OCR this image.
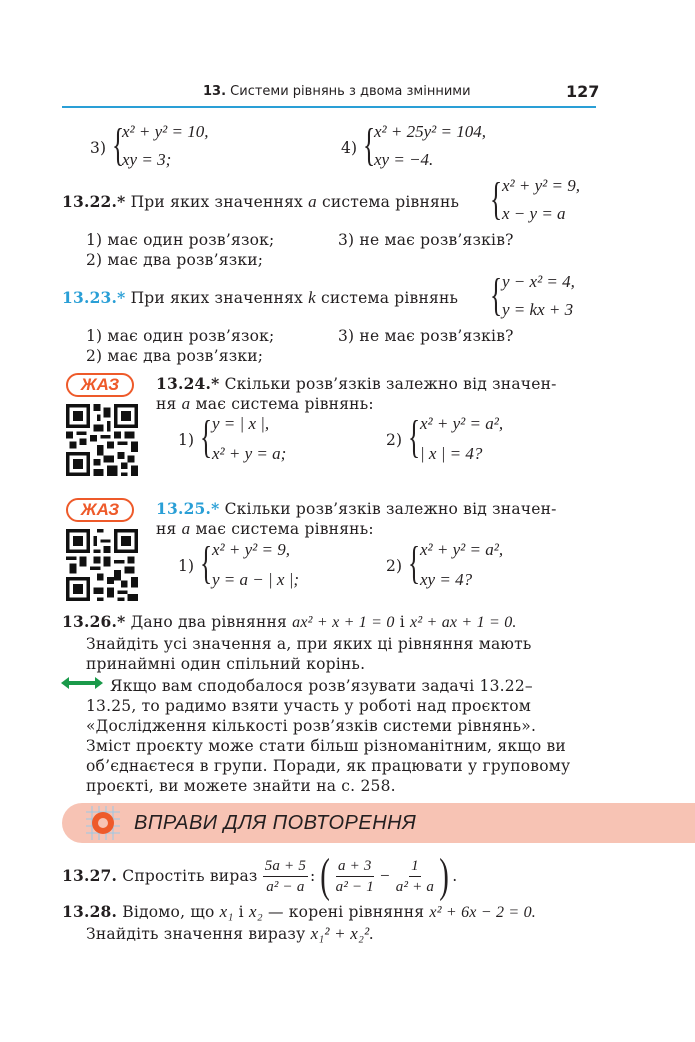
13. Системи рівнянь з двома змінними	127
3) {
x² + y² = 10,
xy = 3;
4) {
x² + 25y² = 104,
xy = −4.
13.22.* При яких значеннях a система рівнянь { x² + y² = 9,
x − y = a
1) має один розв’язок;	3) не має розв’язків?
2) має два розв’язки;
13.23.* При яких значеннях k система рівнянь { y − x² = 4,
y = kx + 3
1) має один розв’язок;	3) не має розв’язків?
2) має два розв’язки;
ЖАЗ	13.24.* Скільки розв’язків залежно від значен-
ня a має система рівнянь:
1) { y = | x |,
x² + y = a;
2) { x² + y² = a²,
| x | = 4?
ЖАЗ	13.25.* Скільки розв’язків залежно від значен-
ня a має система рівнянь:
1) { x² + y² = 9,
y = a − | x |;
2) { x² + y² = a²,
xy = 4?
13.26.* Дано два рівняння ax² + x + 1 = 0 і x² + ax + 1 = 0.
Знайдіть усі значення a, при яких ці рівняння мають
принаймні один спільний корінь.
Якщо вам сподобалося розв’язувати задачі 13.22–
13.25, то радимо взяти участь у роботі над проєктом
«Дослідження кількості розв’язків системи рівнянь».
Зміст проєкту може стати більш різноманітним, якщо ви
об’єднаєтеся в групи. Поради, як працювати у груповому
проєкті, ви можете знайти на с. 258.
ВПРАВИ ДЛЯ ПОВТОРЕННЯ
13.27.
Спростіть вираз
$\frac{5a + 5}{\text{a² − a}}$ : ( $\frac{a + 3}{\text{a² − 1}} - \frac{1}{\text{a² + a}}$ ) .
13.28. Відомо, що x₁ і x₂ — корені рівняння x² + 6x − 2 = 0.
Знайдіть значення виразу x₁² + x₂².
